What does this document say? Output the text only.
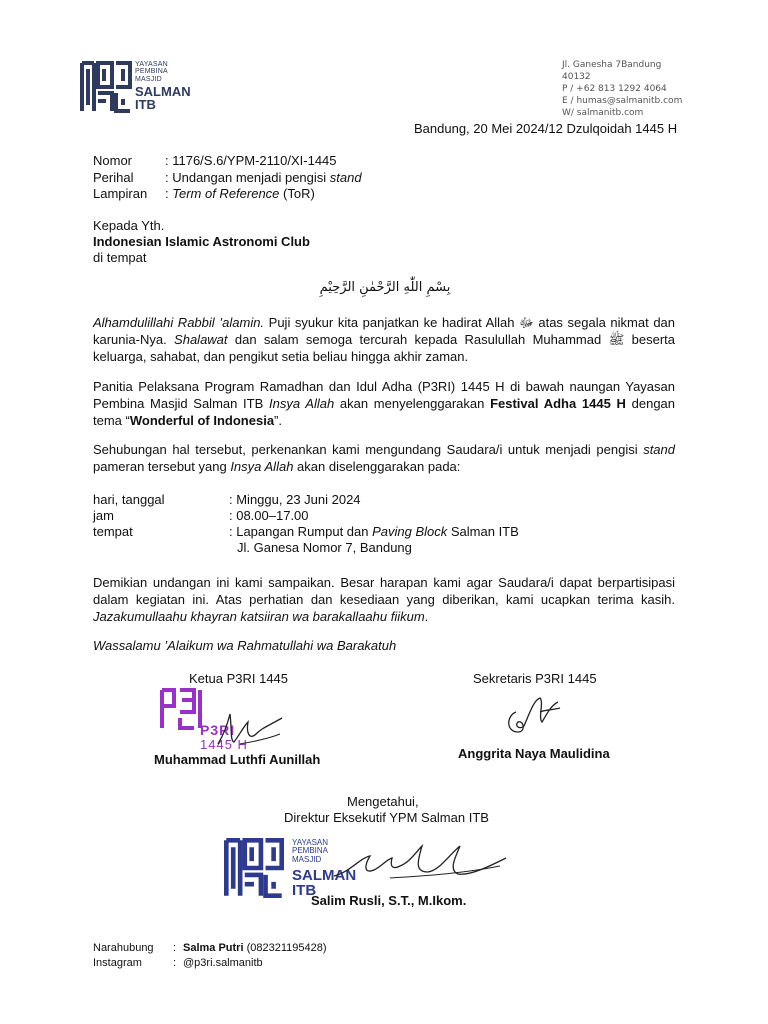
YAYASAN
PEMBINA
MASJID
SALMAN
ITB
Jl. Ganesha 7Bandung 40132
P / +62 813 1292 4064
E / humas@salmanitb.com
W/ salmanitb.com
Bandung, 20 Mei 2024/12 Dzulqoidah 1445 H
Nomor	: 1176/S.6/YPM-2110/XI-1445
Perihal : Undangan menjadi pengisi stand
Lampiran : Term of Reference (ToR)
Kepada Yth.
Indonesian Islamic Astronomi Club
di tempat
بِسْمِ اللّٰهِ الرَّحْمٰنِ الرَّحِيْمِ
Alhamdulillahi Rabbil ’alamin. Puji syukur kita panjatkan ke hadirat Allah ﷻ atas segala nikmat dan karunia-Nya. Shalawat dan salam semoga tercurah kepada Rasulullah Muhammad ﷺ beserta keluarga, sahabat, dan pengikut setia beliau hingga akhir zaman.
Panitia Pelaksana Program Ramadhan dan Idul Adha (P3RI) 1445 H di bawah naungan Yayasan Pembina Masjid Salman ITB Insya Allah akan menyelenggarakan Festival Adha 1445 H dengan tema “Wonderful of Indonesia”.
Sehubungan hal tersebut, perkenankan kami mengundang Saudara/i untuk menjadi pengisi stand pameran tersebut yang Insya Allah akan diselenggarakan pada:
hari, tanggal	: Minggu, 23 Juni 2024
jam	: 08.00–17.00
tempat	: Lapangan Rumput dan Paving Block Salman ITB
Jl. Ganesa Nomor 7, Bandung
Demikian undangan ini kami sampaikan. Besar harapan kami agar Saudara/i dapat berpartisipasi dalam kegiatan ini. Atas perhatian dan kesediaan yang diberikan, kami ucapkan terima kasih. Jazakumullaahu khayran katsiiran wa barakallaahu fiikum.
Wassalamu ’Alaikum wa Rahmatullahi wa Barakatuh
Ketua P3RI 1445
P3RI
1445 H
Muhammad Luthfi Aunillah
Sekretaris P3RI 1445
Anggrita Naya Maulidina
Mengetahui,
Direktur Eksekutif YPM Salman ITB
YAYASAN
PEMBINA
MASJID
SALMAN
ITB
Salim Rusli, S.T., M.Ikom.
Narahubung : Salma Putri (082321195428)
Instagram	: @p3ri.salmanitb
